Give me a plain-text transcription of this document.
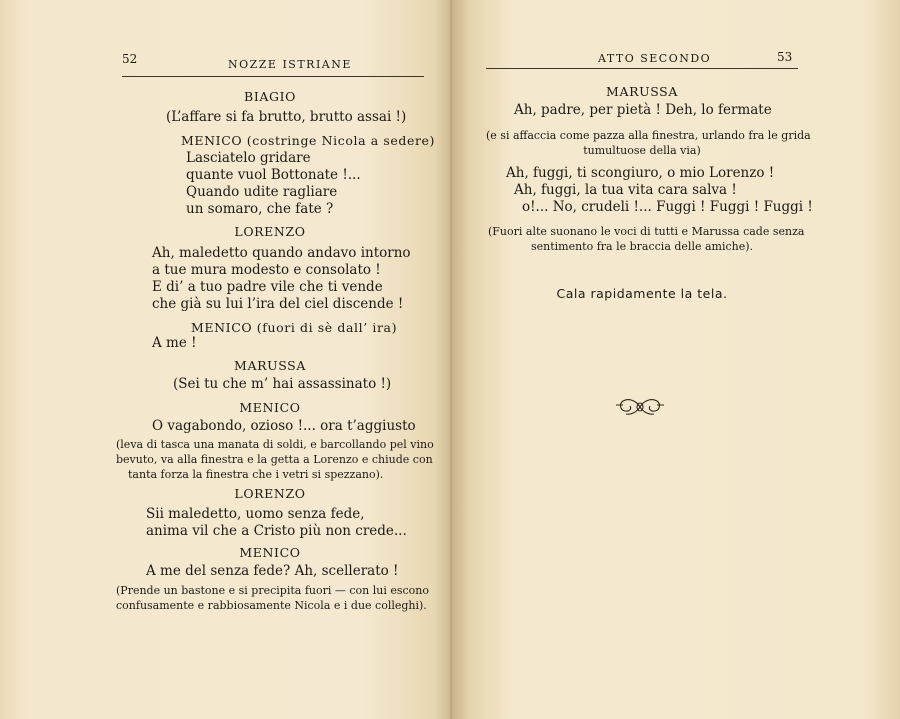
52	NOZZE ISTRIANE
BIAGIO
(L’affare si fa brutto, brutto assai !)
MENICO (costringe Nicola a sedere)
Lasciatelo gridare
quante vuol Bottonate !...
Quando udite ragliare
un somaro, che fate ?
LORENZO
Ah, maledetto quando andavo intorno
a tue mura modesto e consolato !
E di’ a tuo padre vile che ti vende
che già su lui l’ira del ciel discende !
MENICO (fuori di sè dall’ ira)
A me !
MARUSSA
(Sei tu che m’ hai assassinato !)
MENICO
O vagabondo, ozioso !... ora t’aggiusto
(leva di tasca una manata di soldi, e barcollando pel vino
bevuto, va alla finestra e la getta a Lorenzo e chiude con
tanta forza la finestra che i vetri si spezzano).
LORENZO
Sii maledetto, uomo senza fede,
anima vil che a Cristo più non crede...
MENICO
A me del senza fede? Ah, scellerato !
(Prende un bastone e si precipita fuori — con lui escono
confusamente e rabbiosamente Nicola e i due colleghi).
ATTO SECONDO	53
MARUSSA
Ah, padre, per pietà ! Deh, lo fermate
(e si affaccia come pazza alla finestra, urlando fra le grida
tumultuose della via)
Ah, fuggi, ti scongiuro, o mio Lorenzo !
Ah, fuggi, la tua vita cara salva !
o!... No, crudeli !... Fuggi ! Fuggi ! Fuggi !
(Fuori alte suonano le voci di tutti e Marussa cade senza
sentimento fra le braccia delle amiche).
Cala rapidamente la tela.
